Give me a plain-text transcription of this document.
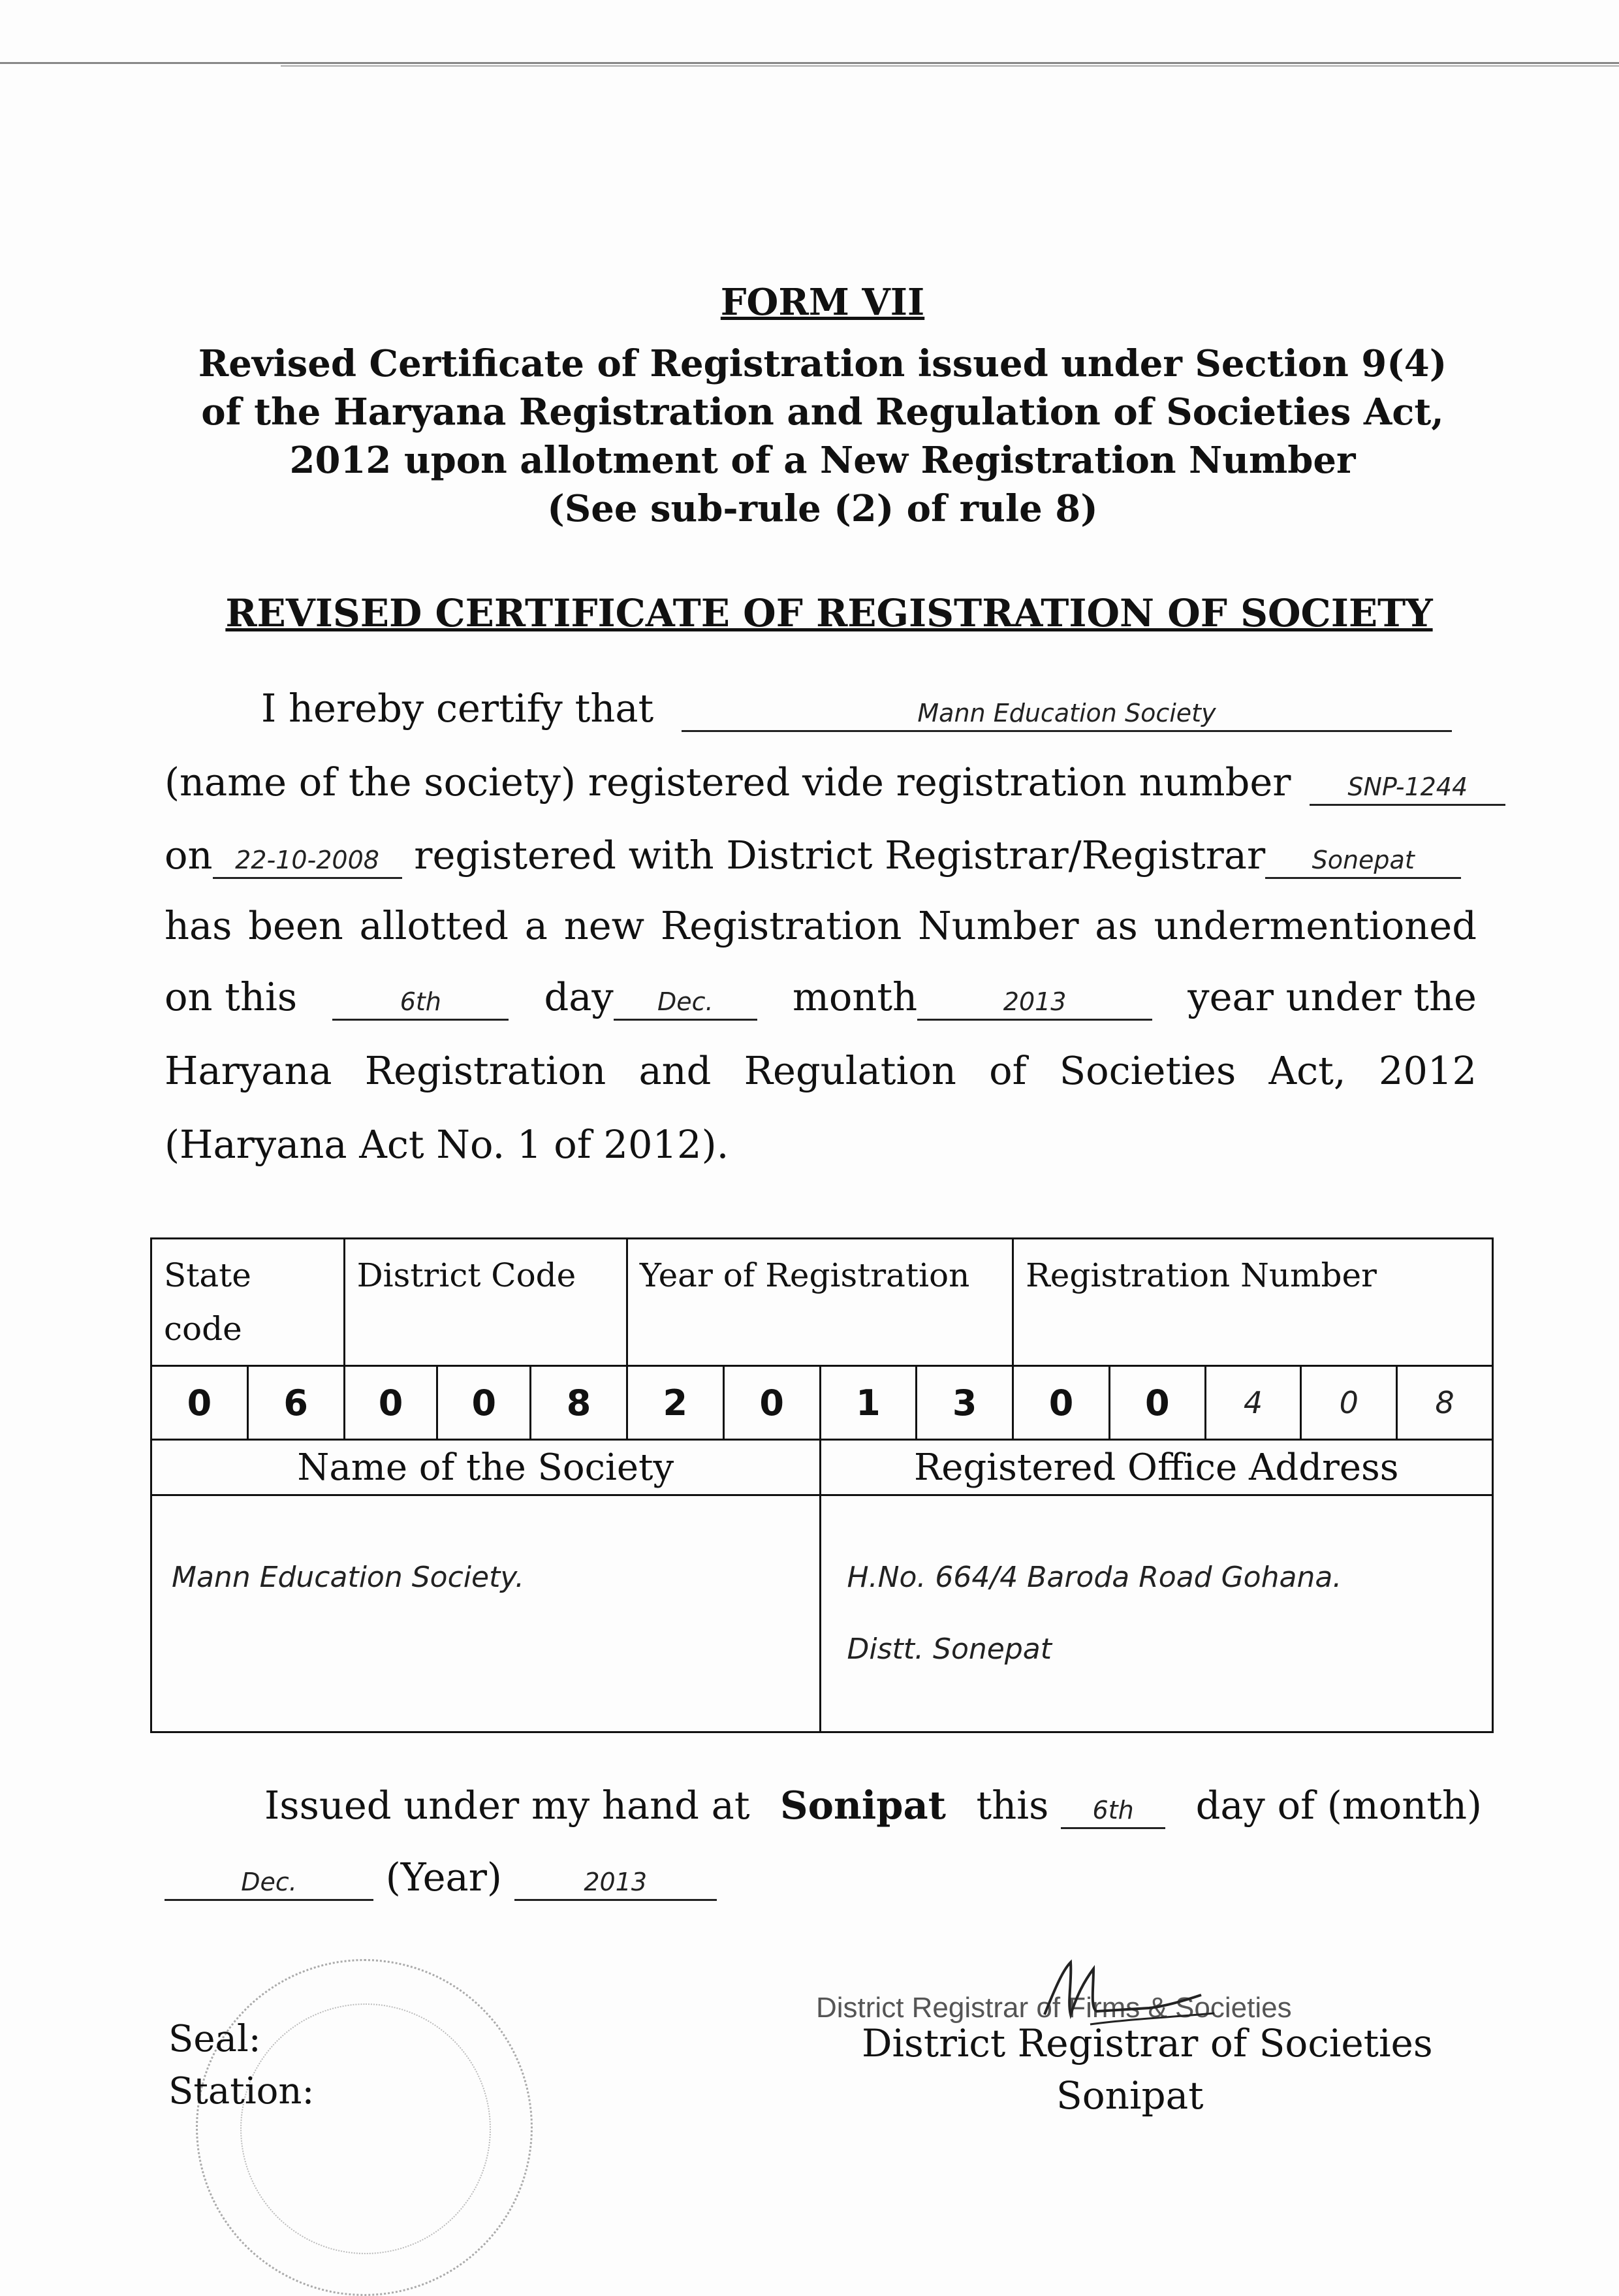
FORM VII
Revised Certificate of Registration issued under Section 9(4)
of the Haryana Registration and Regulation of Societies Act,
2012 upon allotment of a New Registration Number
(See sub-rule (2) of rule 8)
REVISED CERTIFICATE OF REGISTRATION OF SOCIETY
I hereby certify that	Mann Education Society
(name of the society) registered vide registration number SNP-1244
on 22-10-2008 registered with District Registrar/Registrar Sonepat
has been allotted a new Registration Number as undermentioned
on this	6th	day Dec.	month	2013	year under the
Haryana Registration and Regulation of Societies Act, 2012
(Haryana Act No. 1 of 2012).
State
code		District Code			Year of Registration				Registration Number				
0	6	0	0	8	2	0	1	3	0	0	4	0	8
Name of the Society							Registered Office Address						

Mann Education Society.							H.No. 664/4 Baroda Road Gohana.
Distt. Sonepat						
Issued under my hand at Sonipat this 6th	day of (month)
Dec. (Year)	2013
Seal:
Station:
District Registrar of Firms & Societies
District Registrar of Societies
Sonipat
